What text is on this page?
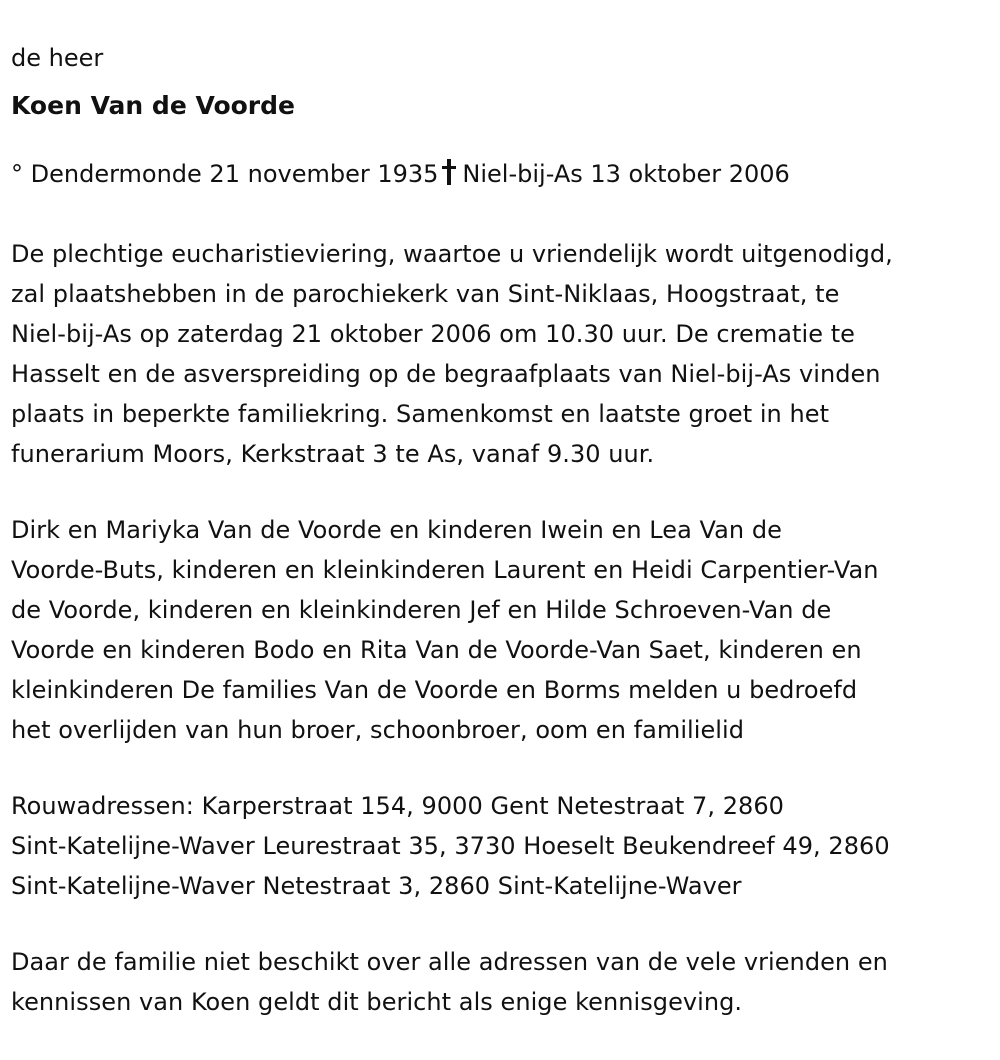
de heer

Koen Van de Voorde

° Dendermonde 21 november 1935 Niel-bij-As 13 oktober 2006

De plechtige eucharistieviering, waartoe u vriendelijk wordt uitgenodigd,
zal plaatshebben in de parochiekerk van Sint-Niklaas, Hoogstraat, te
Niel-bij-As op zaterdag 21 oktober 2006 om 10.30 uur. De crematie te
Hasselt en de asverspreiding op de begraafplaats van Niel-bij-As vinden
plaats in beperkte familiekring. Samenkomst en laatste groet in het
funerarium Moors, Kerkstraat 3 te As, vanaf 9.30 uur.

Dirk en Mariyka Van de Voorde en kinderen Iwein en Lea Van de
Voorde-Buts, kinderen en kleinkinderen Laurent en Heidi Carpentier-Van
de Voorde, kinderen en kleinkinderen Jef en Hilde Schroeven-Van de
Voorde en kinderen Bodo en Rita Van de Voorde-Van Saet, kinderen en
kleinkinderen De families Van de Voorde en Borms melden u bedroefd
het overlijden van hun broer, schoonbroer, oom en familielid

Rouwadressen: Karperstraat 154, 9000 Gent Netestraat 7, 2860
Sint-Katelijne-Waver Leurestraat 35, 3730 Hoeselt Beukendreef 49, 2860
Sint-Katelijne-Waver Netestraat 3, 2860 Sint-Katelijne-Waver

Daar de familie niet beschikt over alle adressen van de vele vrienden en
kennissen van Koen geldt dit bericht als enige kennisgeving.
